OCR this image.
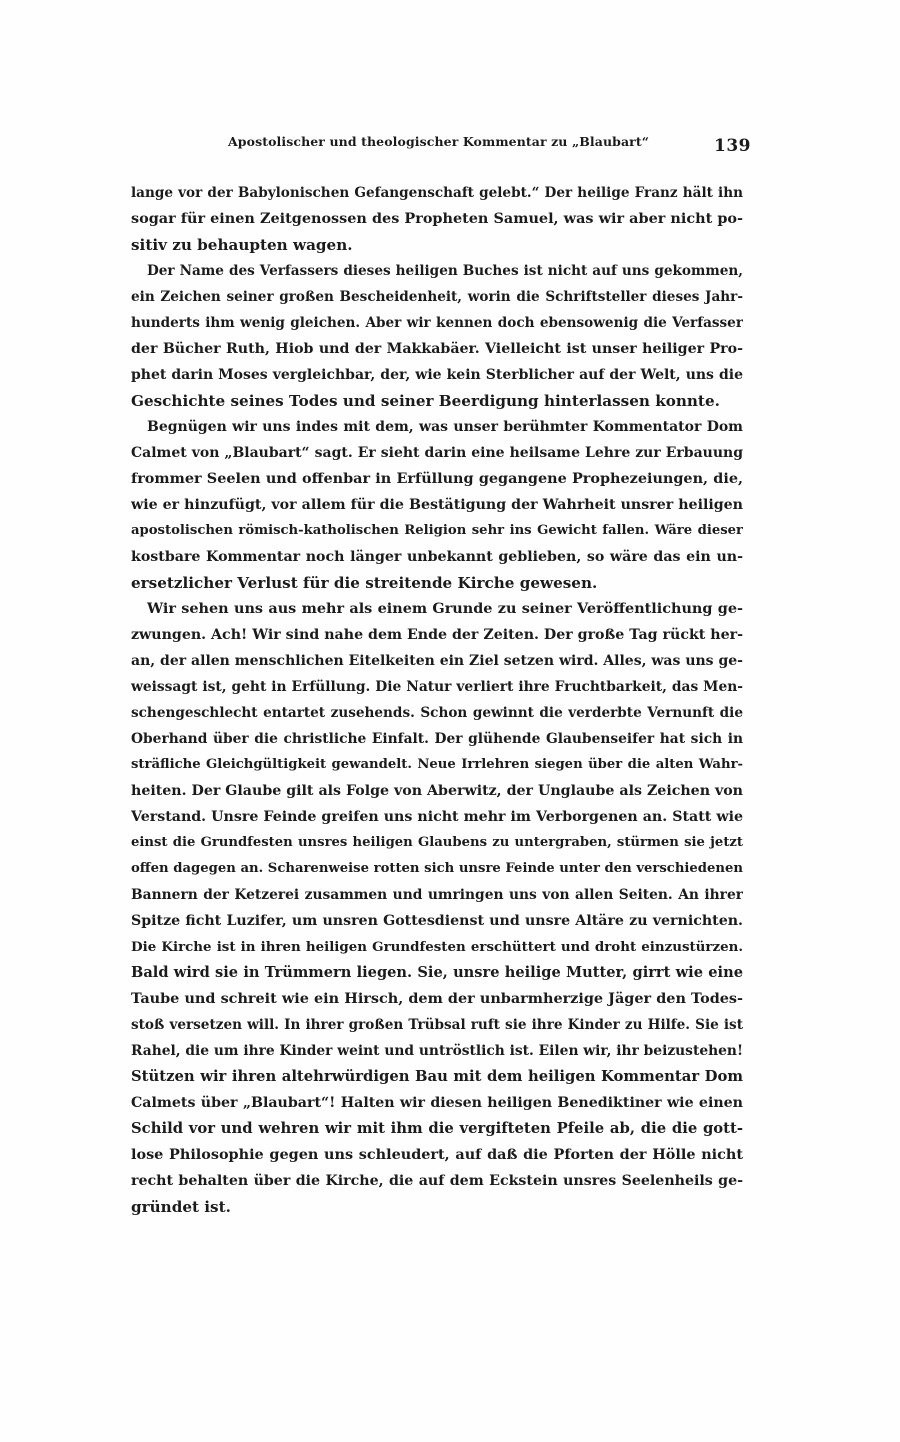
Apostolischer und theologischer Kommentar zu „Blaubart“	139
lange vor der Babylonischen Gefangenschaft gelebt.“ Der heilige Franz hält ihn
sogar für einen Zeitgenossen des Propheten Samuel, was wir aber nicht po-
sitiv zu behaupten wagen.
Der Name des Verfassers dieses heiligen Buches ist nicht auf uns gekommen,
ein Zeichen seiner großen Bescheidenheit, worin die Schriftsteller dieses Jahr-
hunderts ihm wenig gleichen. Aber wir kennen doch ebensowenig die Verfasser
der Bücher Ruth, Hiob und der Makkabäer. Vielleicht ist unser heiliger Pro-
phet darin Moses vergleichbar, der, wie kein Sterblicher auf der Welt, uns die
Geschichte seines Todes und seiner Beerdigung hinterlassen konnte.
Begnügen wir uns indes mit dem, was unser berühmter Kommentator Dom
Calmet von „Blaubart“ sagt. Er sieht darin eine heilsame Lehre zur Erbauung
frommer Seelen und offenbar in Erfüllung gegangene Prophezeiungen, die,
wie er hinzufügt, vor allem für die Bestätigung der Wahrheit unsrer heiligen
apostolischen römisch-katholischen Religion sehr ins Gewicht fallen. Wäre dieser
kostbare Kommentar noch länger unbekannt geblieben, so wäre das ein un-
ersetzlicher Verlust für die streitende Kirche gewesen.
Wir sehen uns aus mehr als einem Grunde zu seiner Veröffentlichung ge-
zwungen. Ach! Wir sind nahe dem Ende der Zeiten. Der große Tag rückt her-
an, der allen menschlichen Eitelkeiten ein Ziel setzen wird. Alles, was uns ge-
weissagt ist, geht in Erfüllung. Die Natur verliert ihre Fruchtbarkeit, das Men-
schengeschlecht entartet zusehends. Schon gewinnt die verderbte Vernunft die
Oberhand über die christliche Einfalt. Der glühende Glaubenseifer hat sich in
sträfliche Gleichgültigkeit gewandelt. Neue Irrlehren siegen über die alten Wahr-
heiten. Der Glaube gilt als Folge von Aberwitz, der Unglaube als Zeichen von
Verstand. Unsre Feinde greifen uns nicht mehr im Verborgenen an. Statt wie
einst die Grundfesten unsres heiligen Glaubens zu untergraben, stürmen sie jetzt
offen dagegen an. Scharenweise rotten sich unsre Feinde unter den verschiedenen
Bannern der Ketzerei zusammen und umringen uns von allen Seiten. An ihrer
Spitze ficht Luzifer, um unsren Gottesdienst und unsre Altäre zu vernichten.
Die Kirche ist in ihren heiligen Grundfesten erschüttert und droht einzustürzen.
Bald wird sie in Trümmern liegen. Sie, unsre heilige Mutter, girrt wie eine
Taube und schreit wie ein Hirsch, dem der unbarmherzige Jäger den Todes-
stoß versetzen will. In ihrer großen Trübsal ruft sie ihre Kinder zu Hilfe. Sie ist
Rahel, die um ihre Kinder weint und untröstlich ist. Eilen wir, ihr beizustehen!
Stützen wir ihren altehrwürdigen Bau mit dem heiligen Kommentar Dom
Calmets über „Blaubart“! Halten wir diesen heiligen Benediktiner wie einen
Schild vor und wehren wir mit ihm die vergifteten Pfeile ab, die die gott-
lose Philosophie gegen uns schleudert, auf daß die Pforten der Hölle nicht
recht behalten über die Kirche, die auf dem Eckstein unsres Seelenheils ge-
gründet ist.
